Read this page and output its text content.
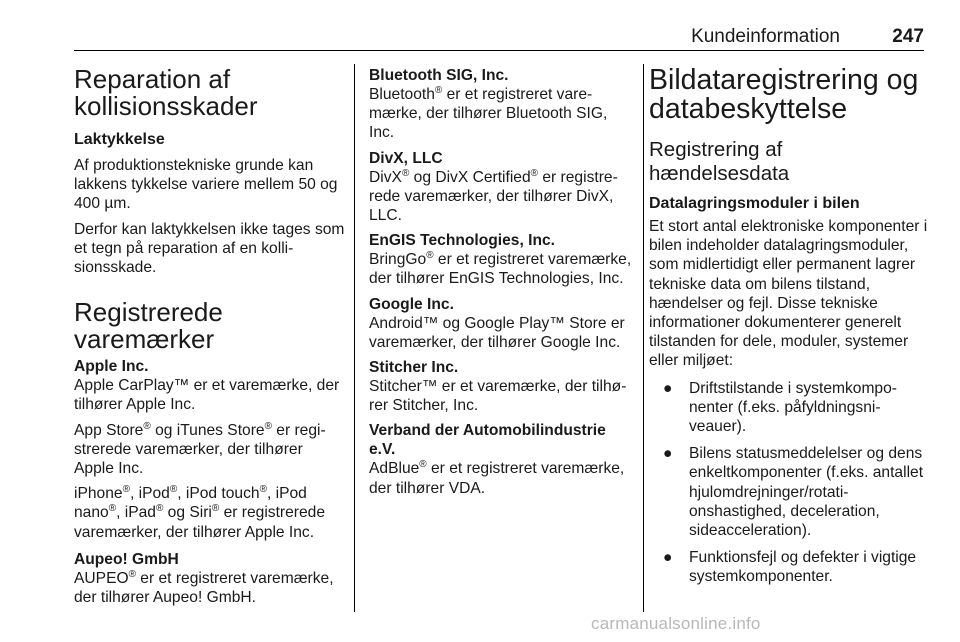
Kundeinformation	247
Reparation af
kollisionsskader
Laktykkelse

Af produktionstekniske grunde kan lakkens tykkelse variere mellem 50 og 400 µm.

Derfor kan laktykkelsen ikke tages som et tegn på reparation af en kollisionsskade.

Registrerede varemærker
Apple Inc.

Apple CarPlay™ er et varemærke, der tilhører Apple Inc.

App Store® og iTunes Store® er registrerede varemærker, der tilhører Apple Inc.

iPhone®, iPod®, iPod touch®, iPod nano®, iPad® og Siri® er registrerede varemærker, der tilhører Apple Inc.

Aupeo! GmbH

AUPEO® er et registreret varemærke, der tilhører Aupeo! GmbH.

Bluetooth SIG, Inc.

Bluetooth® er et registreret varemærke, der tilhører Bluetooth SIG, Inc.

DivX, LLC

DivX® og DivX Certified® er registrerede varemærker, der tilhører DivX, LLC.

EnGIS Technologies, Inc.

BringGo® er et registreret varemærke, der tilhører EnGIS Technologies, Inc.

Google Inc.

Android™ og Google Play™ Store er varemærker, der tilhører Google Inc.

Stitcher Inc.

Stitcher™ er et varemærke, der tilhører Stitcher, Inc.

Verband der Automobilindustrie e.V.

AdBlue® er et registreret varemærke, der tilhører VDA.

Bildataregistrering og
databeskyttelse
Registrering af
hændelsesdata
Datalagringsmoduler i bilen

Et stort antal elektroniske komponenter i bilen indeholder datalagringsmoduler, som midlertidigt eller permanent lagrer tekniske data om bilens tilstand, hændelser og fejl. Disse tekniske informationer dokumenterer generelt tilstanden for dele, moduler, systemer eller miljøet:

● Driftstilstande i systemkomponenter (f.eks. påfyldningsniveauer).
● Bilens statusmeddelelser og dens enkeltkomponenter (f.eks. antallet hjulomdrejninger/rotationshastighed, deceleration, sideacceleration).
● Funktionsfejl og defekter i vigtige systemkomponenter.
carmanualsonline.info
